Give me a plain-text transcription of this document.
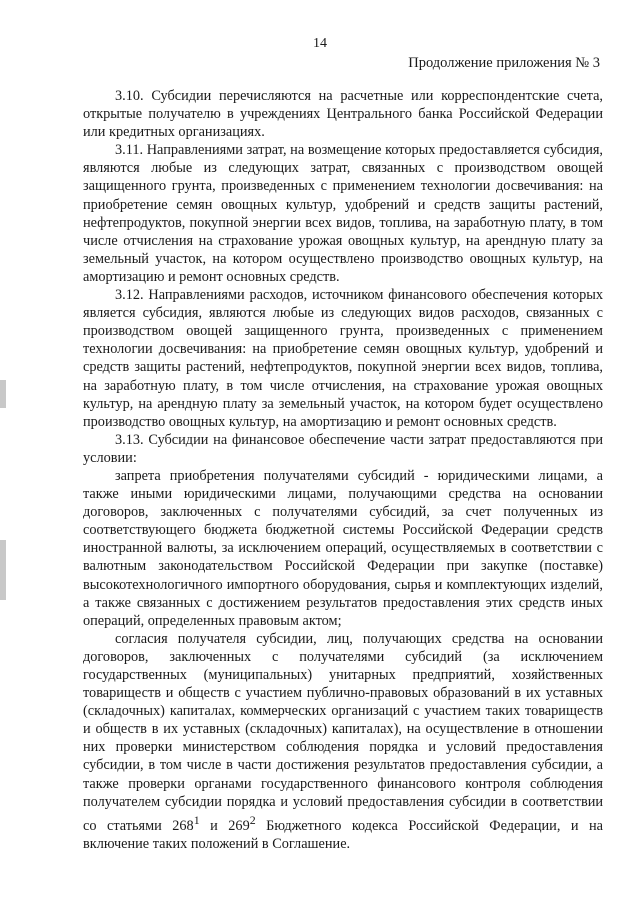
14
Продолжение приложения № 3

3.10. Субсидии перечисляются на расчетные или корреспондентские счета, открытые получателю в учреждениях Центрального банка Российской Федерации или кредитных организациях.

3.11. Направлениями затрат, на возмещение которых предоставляется субсидия, являются любые из следующих затрат, связанных с производством овощей защищенного грунта, произведенных с применением технологии досвечивания: на приобретение семян овощных культур, удобрений и средств защиты растений, нефтепродуктов, покупной энергии всех видов, топлива, на заработную плату, в том числе отчисления на страхование урожая овощных культур, на арендную плату за земельный участок, на котором осуществлено производство овощных культур, на амортизацию и ремонт основных средств.

3.12. Направлениями расходов, источником финансового обеспечения которых является субсидия, являются любые из следующих видов расходов, связанных с производством овощей защищенного грунта, произведенных с применением технологии досвечивания: на приобретение семян овощных культур, удобрений и средств защиты растений, нефтепродуктов, покупной энергии всех видов, топлива, на заработную плату, в том числе отчисления, на страхование урожая овощных культур, на арендную плату за земельный участок, на котором будет осуществлено производство овощных культур, на амортизацию и ремонт основных средств.

3.13. Субсидии на финансовое обеспечение части затрат предоставляются при условии:

запрета приобретения получателями субсидий - юридическими лицами, а также иными юридическими лицами, получающими средства на основании договоров, заключенных с получателями субсидий, за счет полученных из соответствующего бюджета бюджетной системы Российской Федерации средств иностранной валюты, за исключением операций, осуществляемых в соответствии с валютным законодательством Российской Федерации при закупке (поставке) высокотехнологичного импортного оборудования, сырья и комплектующих изделий, а также связанных с достижением результатов предоставления этих средств иных операций, определенных правовым актом;

согласия получателя субсидии, лиц, получающих средства на основании договоров, заключенных с получателями субсидий (за исключением государственных (муниципальных) унитарных предприятий, хозяйственных товариществ и обществ с участием публично-правовых образований в их уставных (складочных) капиталах, коммерческих организаций с участием таких товариществ и обществ в их уставных (складочных) капиталах), на осуществление в отношении них проверки министерством соблюдения порядка и условий предоставления субсидии, в том числе в части достижения результатов предоставления субсидии, а также проверки органами государственного финансового контроля соблюдения получателем субсидии порядка и условий предоставления субсидии в соответствии со статьями $268^1$ и $269^2$ Бюджетного кодекса Российской Федерации, и на включение таких положений в Соглашение.
